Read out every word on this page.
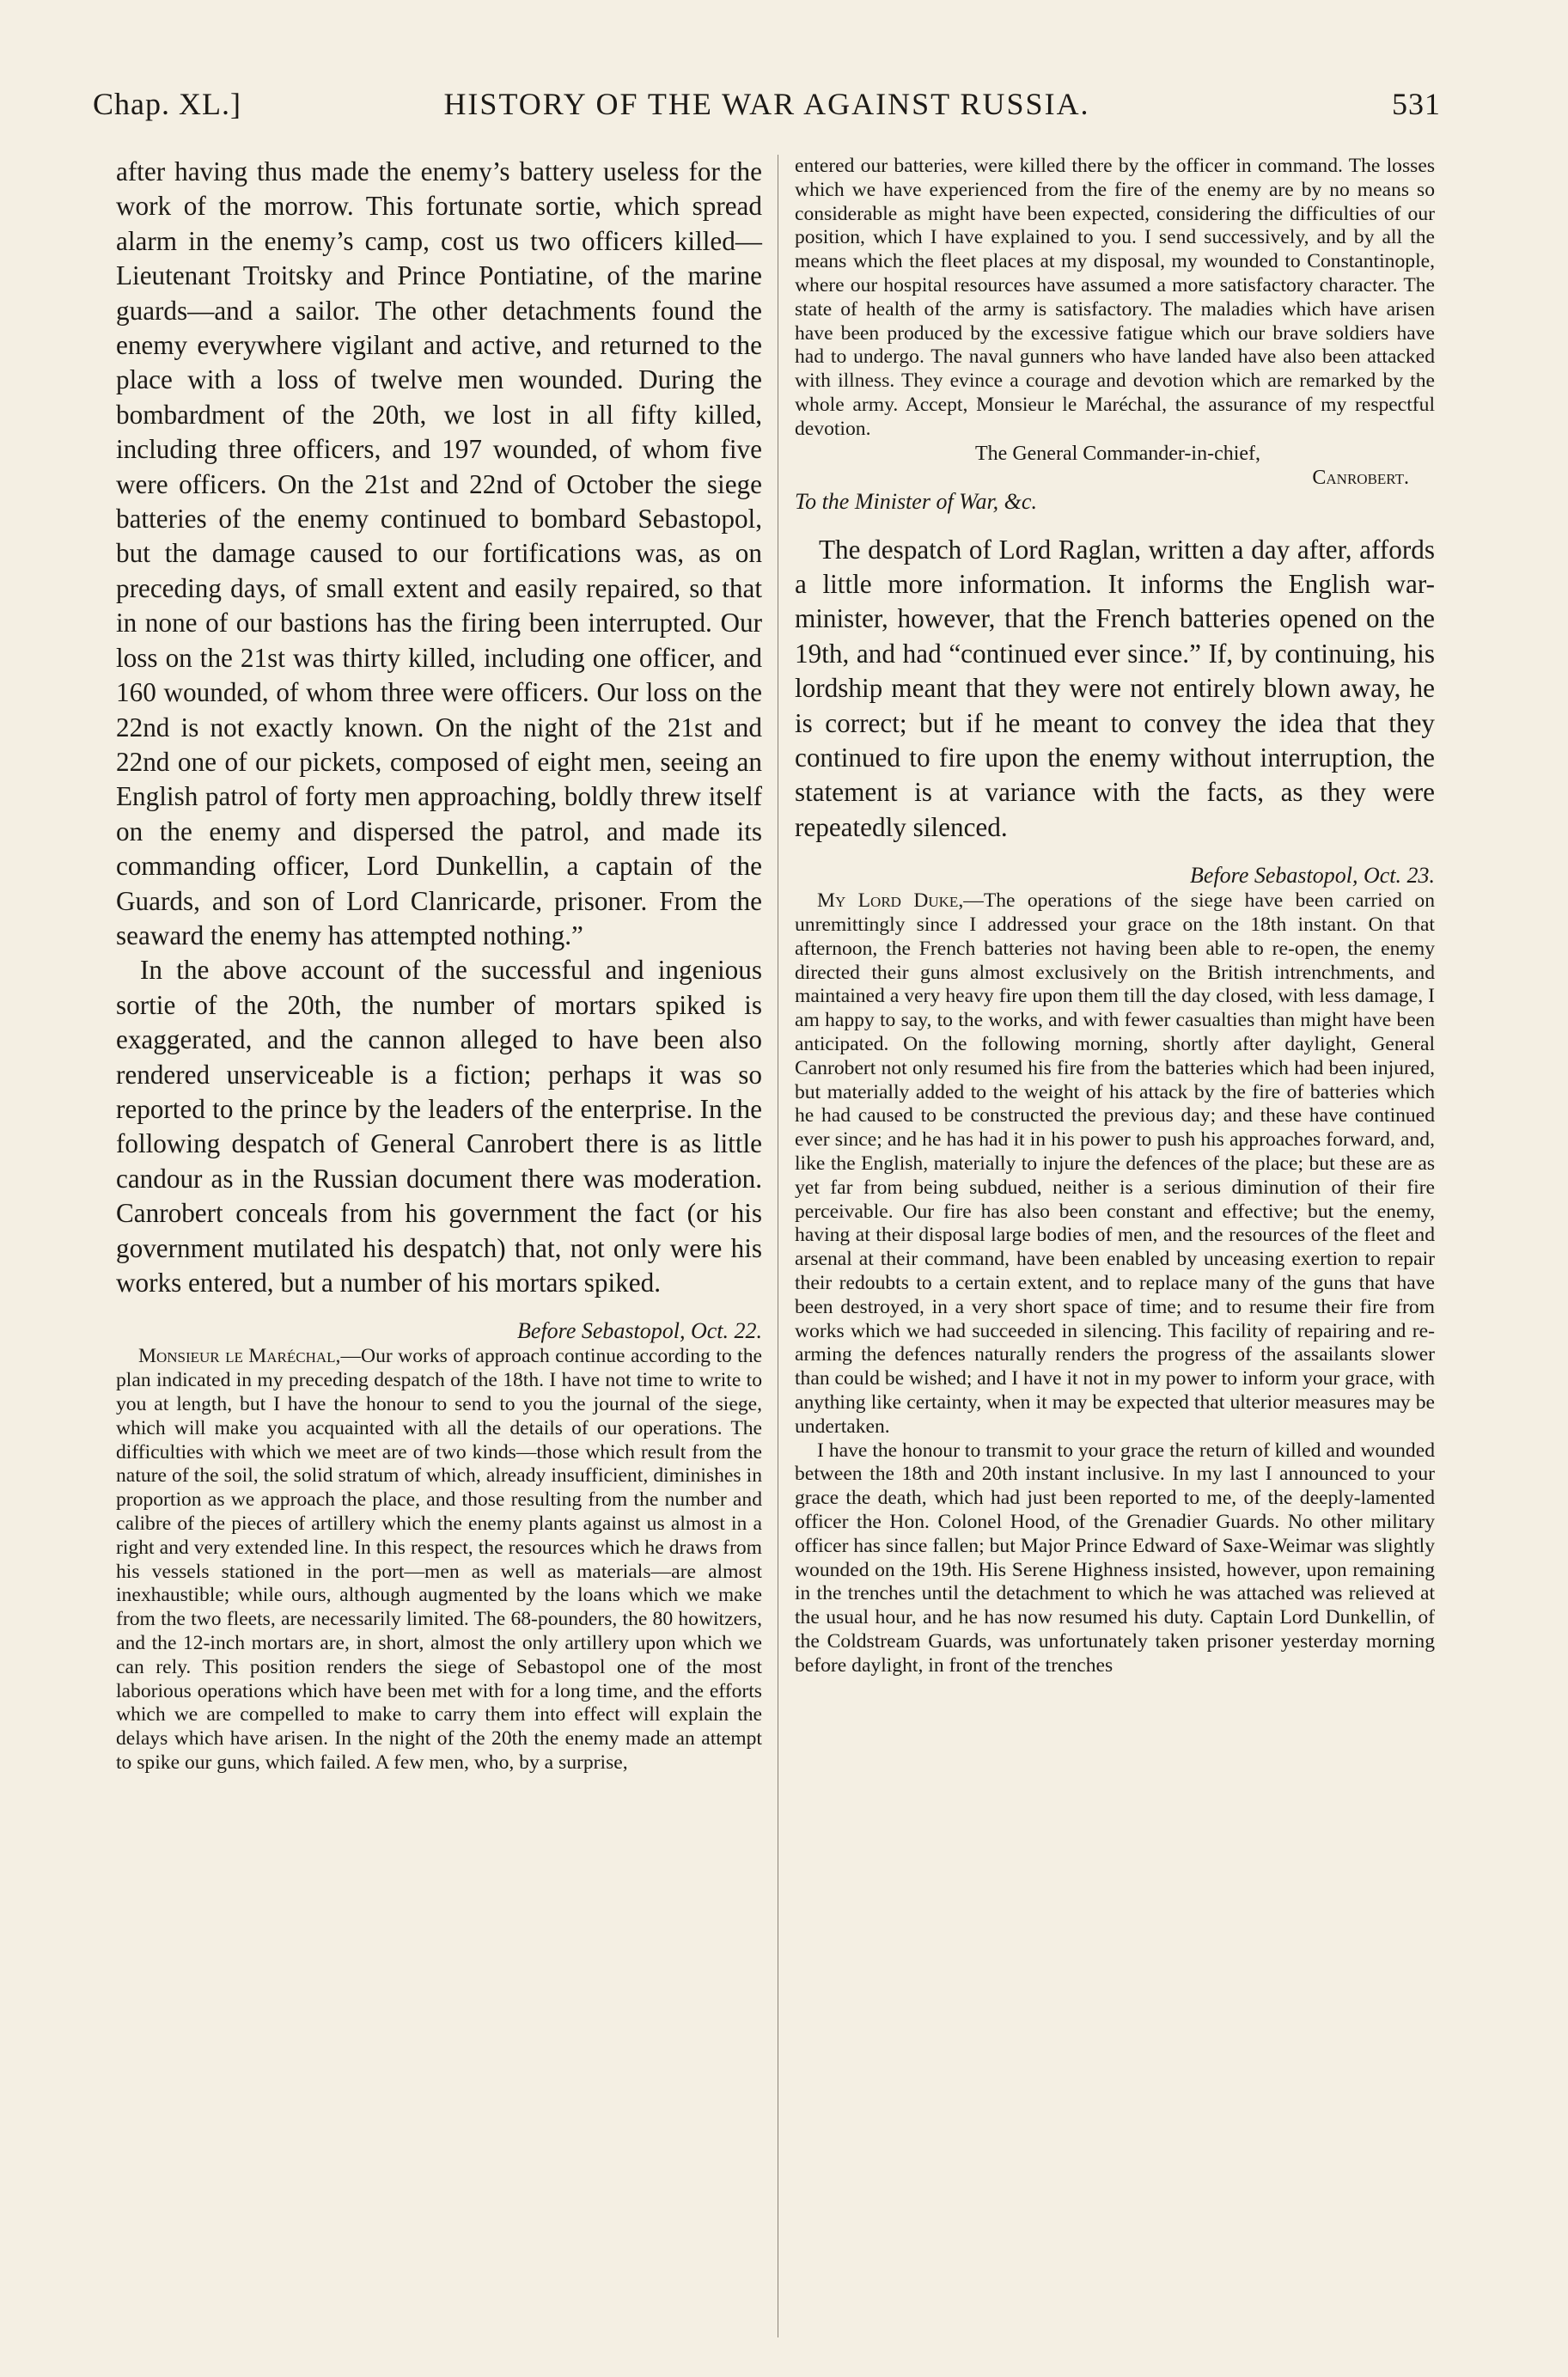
Chap. XL.]	HISTORY OF THE WAR AGAINST RUSSIA.	531

after having thus made the enemy’s battery useless for the work of the morrow. This fortunate sortie, which spread alarm in the enemy’s camp, cost us two officers killed—Lieutenant Troitsky and Prince Pontiatine, of the marine guards—and a sailor. The other detachments found the enemy everywhere vigilant and active, and returned to the place with a loss of twelve men wounded. During the bombardment of the 20th, we lost in all fifty killed, including three officers, and 197 wounded, of whom five were officers. On the 21st and 22nd of October the siege batteries of the enemy continued to bombard Sebastopol, but the damage caused to our fortifications was, as on preceding days, of small extent and easily repaired, so that in none of our bastions has the firing been interrupted. Our loss on the 21st was thirty killed, including one officer, and 160 wounded, of whom three were officers. Our loss on the 22nd is not exactly known. On the night of the 21st and 22nd one of our pickets, composed of eight men, seeing an English patrol of forty men approaching, boldly threw itself on the enemy and dispersed the patrol, and made its commanding officer, Lord Dunkellin, a captain of the Guards, and son of Lord Clanricarde, prisoner. From the seaward the enemy has attempted nothing.”

In the above account of the successful and ingenious sortie of the 20th, the number of mortars spiked is exaggerated, and the cannon alleged to have been also rendered unserviceable is a fiction; perhaps it was so reported to the prince by the leaders of the enterprise. In the following despatch of General Canrobert there is as little candour as in the Russian document there was moderation. Canrobert conceals from his government the fact (or his government mutilated his despatch) that, not only were his works entered, but a number of his mortars spiked.

Before Sebastopol, Oct. 22.

Monsieur le Maréchal,—Our works of approach continue according to the plan indicated in my preceding despatch of the 18th. I have not time to write to you at length, but I have the honour to send to you the journal of the siege, which will make you acquainted with all the details of our operations. The difficulties with which we meet are of two kinds—those which result from the nature of the soil, the solid stratum of which, already insufficient, diminishes in proportion as we approach the place, and those resulting from the number and calibre of the pieces of artillery which the enemy plants against us almost in a right and very extended line. In this respect, the resources which he draws from his vessels stationed in the port—men as well as materials—are almost inexhaustible; while ours, although augmented by the loans which we make from the two fleets, are necessarily limited. The 68-pounders, the 80 howitzers, and the 12-inch mortars are, in short, almost the only artillery upon which we can rely. This position renders the siege of Sebastopol one of the most laborious operations which have been met with for a long time, and the efforts which we are compelled to make to carry them into effect will explain the delays which have arisen. In the night of the 20th the enemy made an attempt to spike our guns, which failed. A few men, who, by a surprise,

entered our batteries, were killed there by the officer in command. The losses which we have experienced from the fire of the enemy are by no means so considerable as might have been expected, considering the difficulties of our position, which I have explained to you. I send successively, and by all the means which the fleet places at my disposal, my wounded to Constantinople, where our hospital resources have assumed a more satisfactory character. The state of health of the army is satisfactory. The maladies which have arisen have been produced by the excessive fatigue which our brave soldiers have had to undergo. The naval gunners who have landed have also been attacked with illness. They evince a courage and devotion which are remarked by the whole army. Accept, Monsieur le Maréchal, the assurance of my respectful devotion.

The General Commander-in-chief,

Canrobert.

To the Minister of War, &c.

The despatch of Lord Raglan, written a day after, affords a little more information. It informs the English war-minister, however, that the French batteries opened on the 19th, and had “continued ever since.” If, by continuing, his lordship meant that they were not entirely blown away, he is correct; but if he meant to convey the idea that they continued to fire upon the enemy without interruption, the statement is at variance with the facts, as they were repeatedly silenced.

Before Sebastopol, Oct. 23.

My Lord Duke,—The operations of the siege have been carried on unremittingly since I addressed your grace on the 18th instant. On that afternoon, the French batteries not having been able to re-open, the enemy directed their guns almost exclusively on the British intrenchments, and maintained a very heavy fire upon them till the day closed, with less damage, I am happy to say, to the works, and with fewer casualties than might have been anticipated. On the following morning, shortly after daylight, General Canrobert not only resumed his fire from the batteries which had been injured, but materially added to the weight of his attack by the fire of batteries which he had caused to be constructed the previous day; and these have continued ever since; and he has had it in his power to push his approaches forward, and, like the English, materially to injure the defences of the place; but these are as yet far from being subdued, neither is a serious diminution of their fire perceivable. Our fire has also been constant and effective; but the enemy, having at their disposal large bodies of men, and the resources of the fleet and arsenal at their command, have been enabled by unceasing exertion to repair their redoubts to a certain extent, and to replace many of the guns that have been destroyed, in a very short space of time; and to resume their fire from works which we had succeeded in silencing. This facility of repairing and re-arming the defences naturally renders the progress of the assailants slower than could be wished; and I have it not in my power to inform your grace, with anything like certainty, when it may be expected that ulterior measures may be undertaken.

I have the honour to transmit to your grace the return of killed and wounded between the 18th and 20th instant inclusive. In my last I announced to your grace the death, which had just been reported to me, of the deeply-lamented officer the Hon. Colonel Hood, of the Grenadier Guards. No other military officer has since fallen; but Major Prince Edward of Saxe-Weimar was slightly wounded on the 19th. His Serene Highness insisted, however, upon remaining in the trenches until the detachment to which he was attached was relieved at the usual hour, and he has now resumed his duty. Captain Lord Dunkellin, of the Coldstream Guards, was unfortunately taken prisoner yesterday morning before daylight, in front of the trenches
